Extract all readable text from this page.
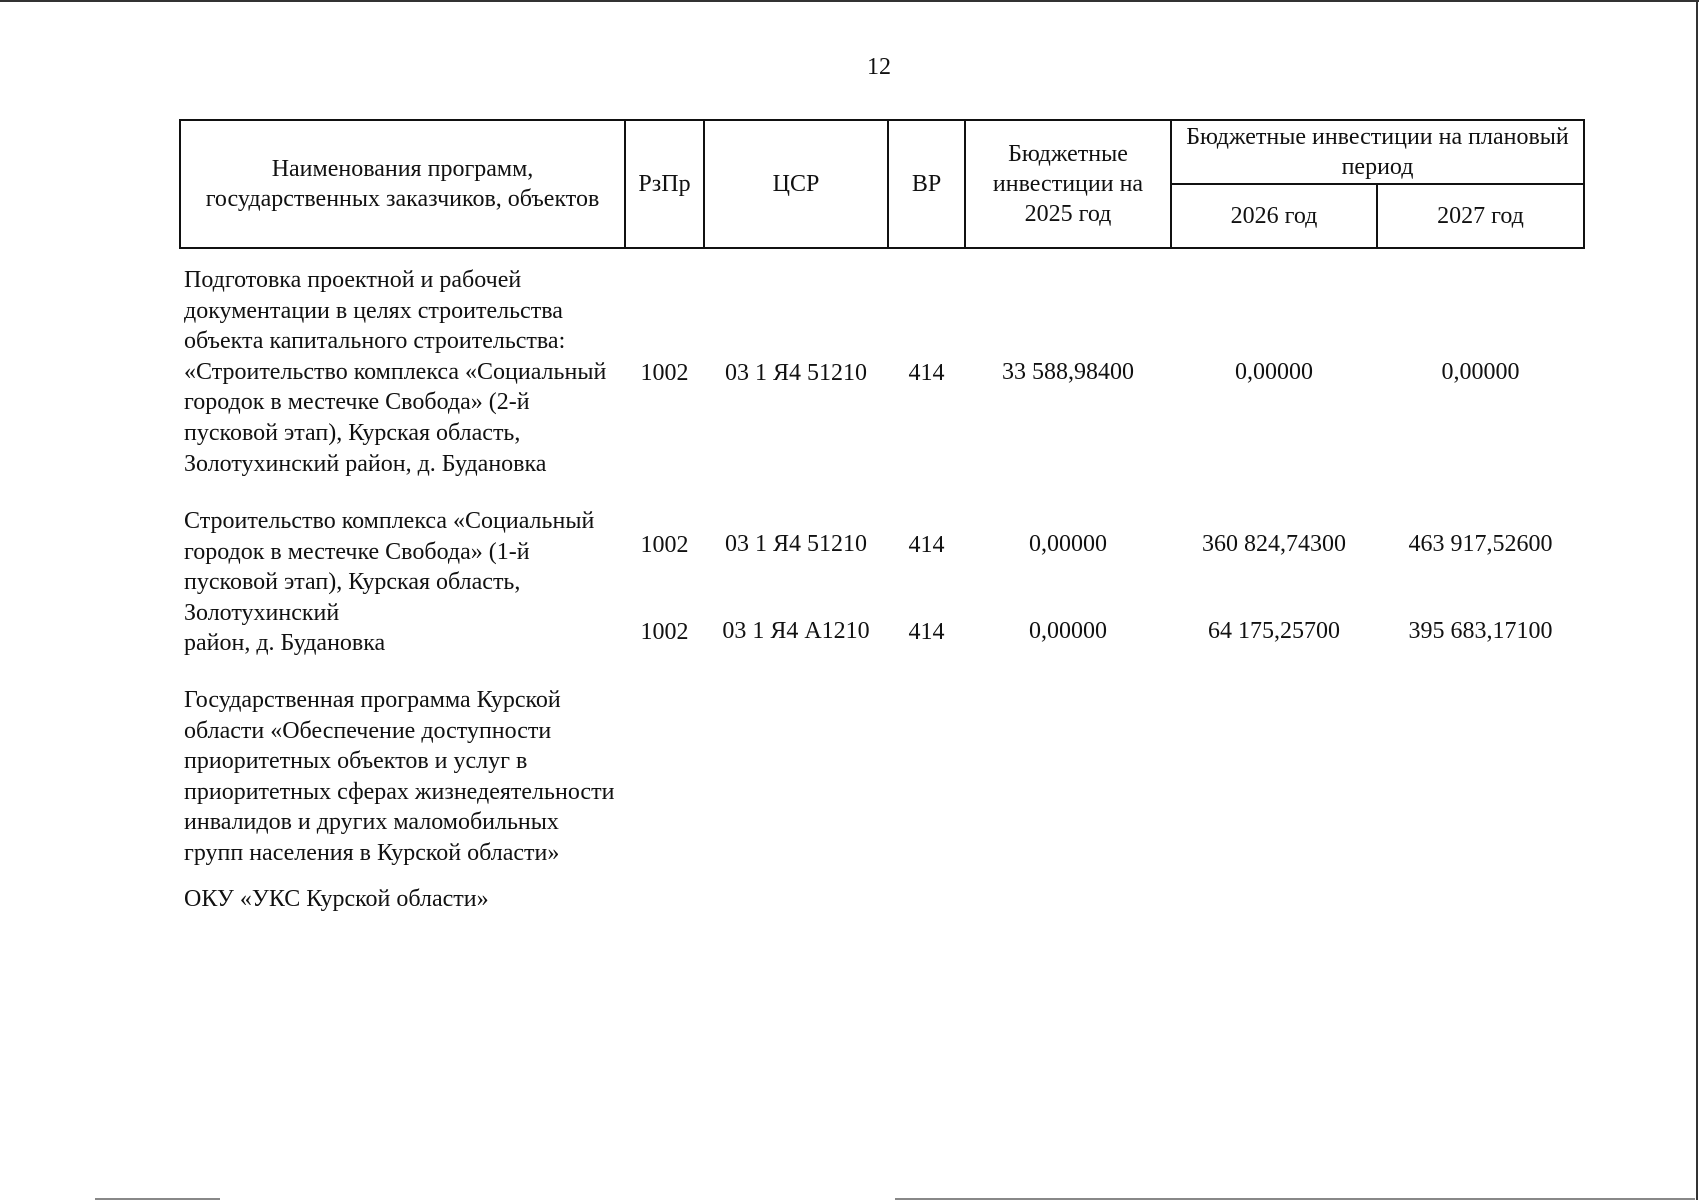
12
Наименования программ, государственных заказчиков, объектов	РзПр	ЦСР	ВР	Бюджетные инвестиции на 2025 год	Бюджетные инвестиции на плановый период	
					2026 год	2027 год
Подготовка проектной и рабочей
документации в целях строительства
объекта капитального строительства:
«Строительство комплекса «Социальный
городок в местечке Свобода» (2-й
пусковой этап), Курская область,
Золотухинский район, д. Будановка
1002	03 1 Я4 51210	414	33 588,98400	0,00000	0,00000
Строительство комплекса «Социальный
городок в местечке Свобода» (1-й
пусковой этап), Курская область,
Золотухинский
район, д. Будановка
1002	03 1 Я4 51210	414	0,00000	360 824,74300	463 917,52600
1002	03 1 Я4 А1210	414	0,00000	64 175,25700	395 683,17100
Государственная программа Курской
области «Обеспечение доступности
приоритетных объектов и услуг в
приоритетных сферах жизнедеятельности
инвалидов и других маломобильных
групп населения в Курской области»
ОКУ «УКС Курской области»
